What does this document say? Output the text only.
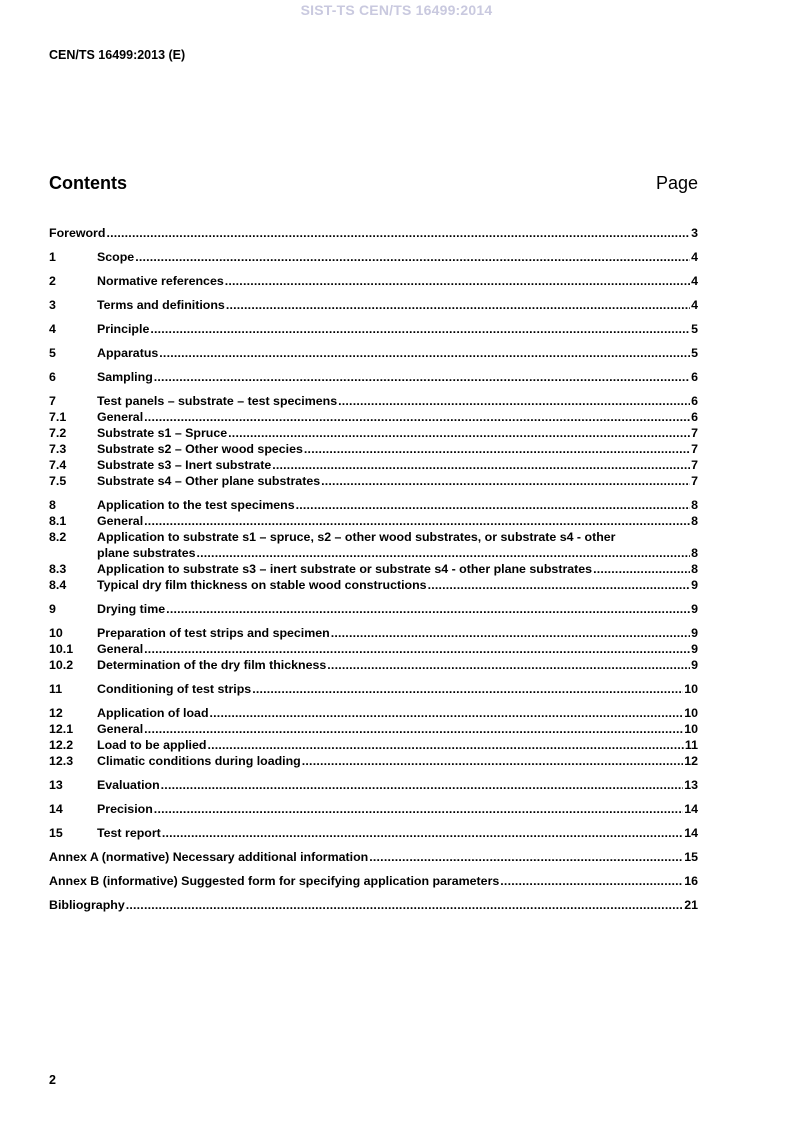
SIST-TS CEN/TS 16499:2014
CEN/TS 16499:2013 (E)
Contents	Page
Foreword .....	3
1	Scope .....	4
2	Normative references .....	4
3	Terms and definitions .....	4
4	Principle .....	5
5	Apparatus .....	5
6	Sampling .....	6
7	Test panels – substrate – test specimens .....	6
7.1	General .....	6
7.2	Substrate s1 – Spruce .....	7
7.3	Substrate s2 – Other wood species .....	7
7.4	Substrate s3 – Inert substrate .....	7
7.5	Substrate s4 – Other plane substrates .....	7
8	Application to the test specimens .....	8
8.1	General .....	8
8.2	Application to substrate s1 – spruce, s2 – other wood substrates, or substrate s4 - other
plane substrates .....	8
8.3	Application to substrate s3 – inert substrate or substrate s4 - other plane substrates .....	8
8.4	Typical dry film thickness on stable wood constructions .....	9
9	Drying time .....	9
10	Preparation of test strips and specimen .....	9
10.1	General .....	9
10.2	Determination of the dry film thickness .....	9
11	Conditioning of test strips .....	10
12	Application of load .....	10
12.1	General .....	10
12.2	Load to be applied .....	11
12.3	Climatic conditions during loading .....	12
13	Evaluation .....	13
14	Precision .....	14
15	Test report .....	14
Annex A (normative) Necessary additional information .....	15
Annex B (informative) Suggested form for specifying application parameters .....	16
Bibliography .....	21
2
